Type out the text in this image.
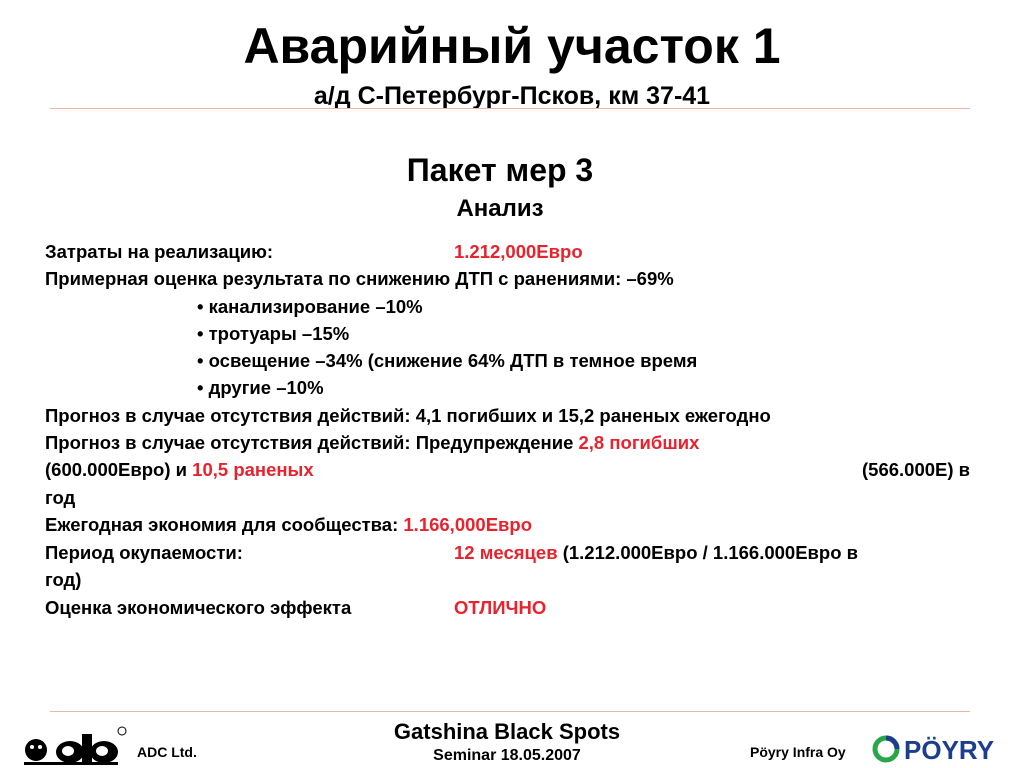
Аварийный участок 1
а/д С-Петербург-Псков, км 37-41
Пакет мер 3
Анализ
Затраты на реализацию:	1.212,000Евро
Примерная оценка результата по снижению ДТП с ранениями: –69%
• канализирование –10%
• тротуары –15%
• освещение –34% (снижение 64% ДТП в темное время
• другие –10%
Прогноз в случае отсутствия действий: 4,1 погибших и 15,2 раненых ежегодно
Прогноз в случае отсутствия действий: Предупреждение 2,8 погибших
(600.000Евро) и 10,5 раненых	(566.000Е) в
год
Ежегодная экономия для сообщества: 1.166,000Евро
Период окупаемости:	12 месяцев (1.212.000Евро / 1.166.000Евро в
год)
Оценка экономического эффекта	ОТЛИЧНО
ADC Ltd.
Gatshina Black Spots
Seminar 18.05.2007	Pöyry Infra Oy PÖYRY
